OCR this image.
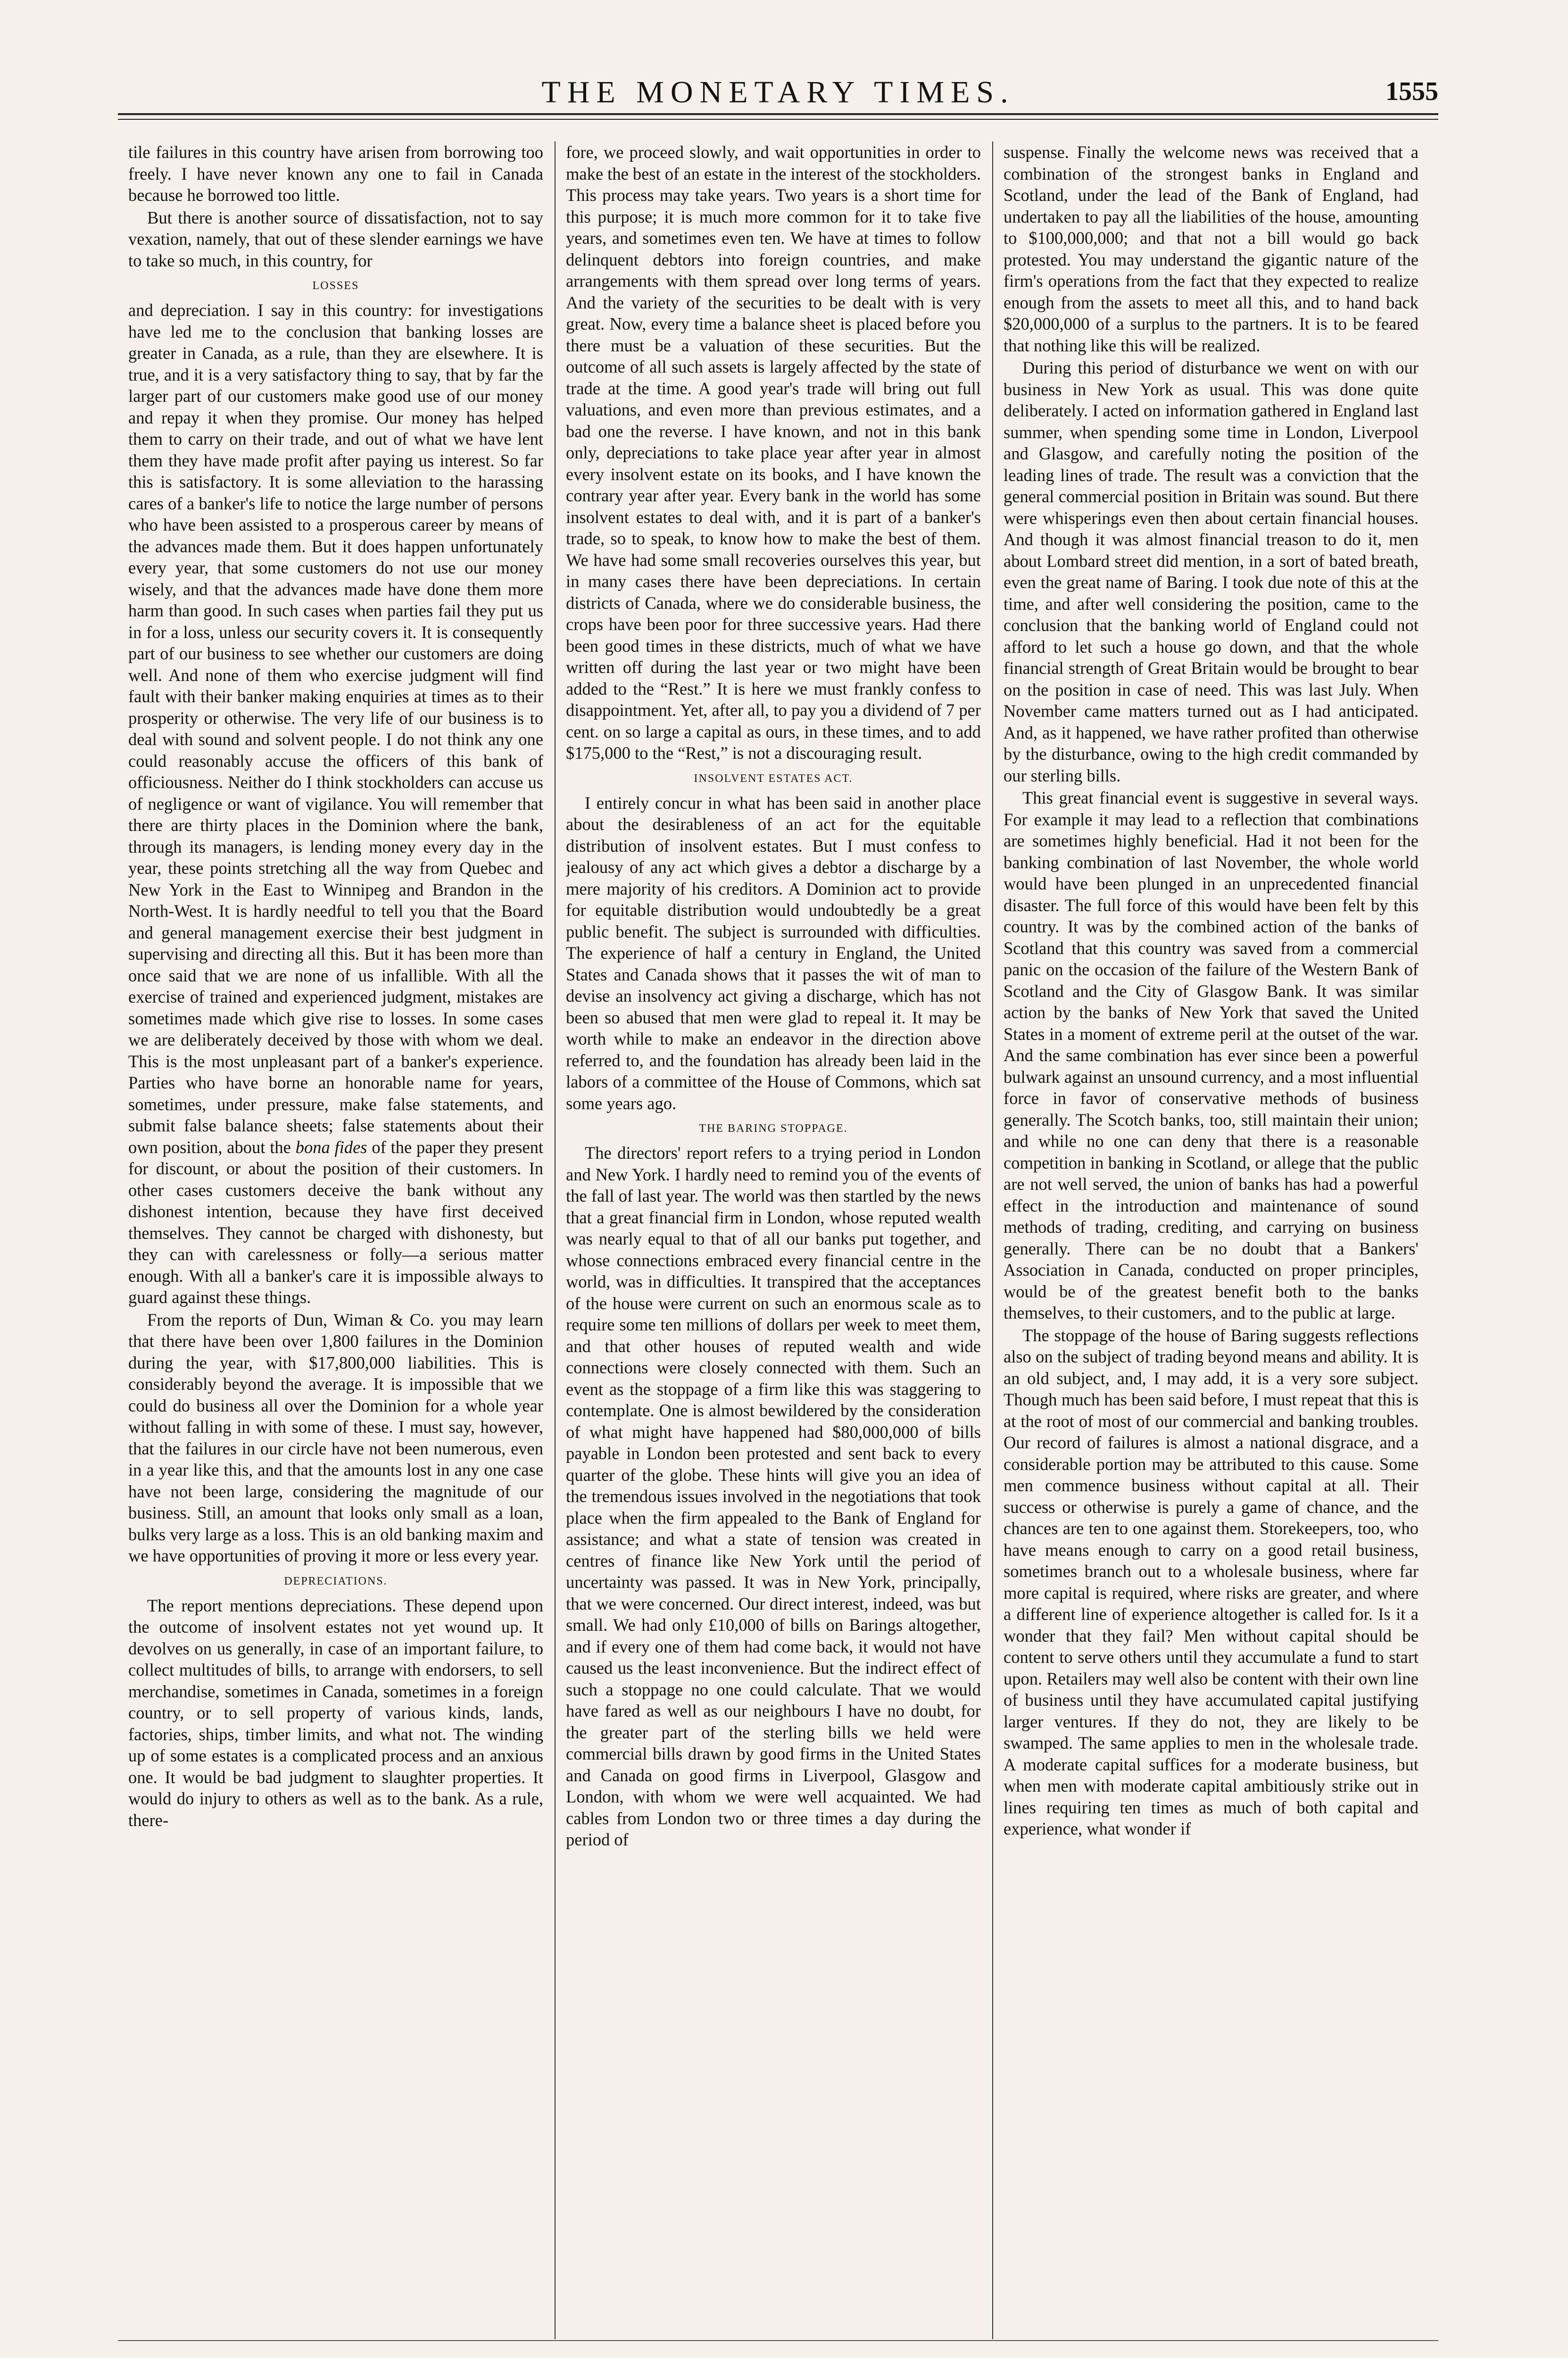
THE MONETARY TIMES.	1555

tile failures in this country have arisen from borrowing too freely. I have never known any one to fail in Canada because he borrowed too little.

But there is another source of dissatisfaction, not to say vexation, namely, that out of these slender earnings we have to take so much, in this country, for

LOSSES

and depreciation. I say in this country: for investigations have led me to the conclusion that banking losses are greater in Canada, as a rule, than they are elsewhere. It is true, and it is a very satisfactory thing to say, that by far the larger part of our customers make good use of our money and repay it when they promise. Our money has helped them to carry on their trade, and out of what we have lent them they have made profit after paying us interest. So far this is satisfactory. It is some alleviation to the harassing cares of a banker's life to notice the large number of persons who have been assisted to a prosperous career by means of the advances made them. But it does happen unfortunately every year, that some customers do not use our money wisely, and that the advances made have done them more harm than good. In such cases when parties fail they put us in for a loss, unless our security covers it. It is consequently part of our business to see whether our customers are doing well. And none of them who exercise judgment will find fault with their banker making enquiries at times as to their prosperity or otherwise. The very life of our business is to deal with sound and solvent people. I do not think any one could reasonably accuse the officers of this bank of officiousness. Neither do I think stockholders can accuse us of negligence or want of vigilance. You will remember that there are thirty places in the Dominion where the bank, through its managers, is lending money every day in the year, these points stretching all the way from Quebec and New York in the East to Winnipeg and Brandon in the North-West. It is hardly needful to tell you that the Board and general management exercise their best judgment in supervising and directing all this. But it has been more than once said that we are none of us infallible. With all the exercise of trained and experienced judgment, mistakes are sometimes made which give rise to losses. In some cases we are deliberately deceived by those with whom we deal. This is the most unpleasant part of a banker's experience. Parties who have borne an honorable name for years, sometimes, under pressure, make false statements, and submit false balance sheets; false statements about their own position, about the bona fides of the paper they present for discount, or about the position of their customers. In other cases customers deceive the bank without any dishonest intention, because they have first deceived themselves. They cannot be charged with dishonesty, but they can with carelessness or folly—a serious matter enough. With all a banker's care it is impossible always to guard against these things.

From the reports of Dun, Wiman & Co. you may learn that there have been over 1,800 failures in the Dominion during the year, with $17,800,000 liabilities. This is considerably beyond the average. It is impossible that we could do business all over the Dominion for a whole year without falling in with some of these. I must say, however, that the failures in our circle have not been numerous, even in a year like this, and that the amounts lost in any one case have not been large, considering the magnitude of our business. Still, an amount that looks only small as a loan, bulks very large as a loss. This is an old banking maxim and we have opportunities of proving it more or less every year.

DEPRECIATIONS.

The report mentions depreciations. These depend upon the outcome of insolvent estates not yet wound up. It devolves on us generally, in case of an important failure, to collect multitudes of bills, to arrange with endorsers, to sell merchandise, sometimes in Canada, sometimes in a foreign country, or to sell property of various kinds, lands, factories, ships, timber limits, and what not. The winding up of some estates is a complicated process and an anxious one. It would be bad judgment to slaughter properties. It would do injury to others as well as to the bank. As a rule, there-

fore, we proceed slowly, and wait opportunities in order to make the best of an estate in the interest of the stockholders. This process may take years. Two years is a short time for this purpose; it is much more common for it to take five years, and sometimes even ten. We have at times to follow delinquent debtors into foreign countries, and make arrangements with them spread over long terms of years. And the variety of the securities to be dealt with is very great. Now, every time a balance sheet is placed before you there must be a valuation of these securities. But the outcome of all such assets is largely affected by the state of trade at the time. A good year's trade will bring out full valuations, and even more than previous estimates, and a bad one the reverse. I have known, and not in this bank only, depreciations to take place year after year in almost every insolvent estate on its books, and I have known the contrary year after year. Every bank in the world has some insolvent estates to deal with, and it is part of a banker's trade, so to speak, to know how to make the best of them. We have had some small recoveries ourselves this year, but in many cases there have been depreciations. In certain districts of Canada, where we do considerable business, the crops have been poor for three successive years. Had there been good times in these districts, much of what we have written off during the last year or two might have been added to the “Rest.” It is here we must frankly confess to disappointment. Yet, after all, to pay you a dividend of 7 per cent. on so large a capital as ours, in these times, and to add $175,000 to the “Rest,” is not a discouraging result.

INSOLVENT ESTATES ACT.

I entirely concur in what has been said in another place about the desirableness of an act for the equitable distribution of insolvent estates. But I must confess to jealousy of any act which gives a debtor a discharge by a mere majority of his creditors. A Dominion act to provide for equitable distribution would undoubtedly be a great public benefit. The subject is surrounded with difficulties. The experience of half a century in England, the United States and Canada shows that it passes the wit of man to devise an insolvency act giving a discharge, which has not been so abused that men were glad to repeal it. It may be worth while to make an endeavor in the direction above referred to, and the foundation has already been laid in the labors of a committee of the House of Commons, which sat some years ago.

THE BARING STOPPAGE.

The directors' report refers to a trying period in London and New York. I hardly need to remind you of the events of the fall of last year. The world was then startled by the news that a great financial firm in London, whose reputed wealth was nearly equal to that of all our banks put together, and whose connections embraced every financial centre in the world, was in difficulties. It transpired that the acceptances of the house were current on such an enormous scale as to require some ten millions of dollars per week to meet them, and that other houses of reputed wealth and wide connections were closely connected with them. Such an event as the stoppage of a firm like this was staggering to contemplate. One is almost bewildered by the consideration of what might have happened had $80,000,000 of bills payable in London been protested and sent back to every quarter of the globe. These hints will give you an idea of the tremendous issues involved in the negotiations that took place when the firm appealed to the Bank of England for assistance; and what a state of tension was created in centres of finance like New York until the period of uncertainty was passed. It was in New York, principally, that we were concerned. Our direct interest, indeed, was but small. We had only £10,000 of bills on Barings altogether, and if every one of them had come back, it would not have caused us the least inconvenience. But the indirect effect of such a stoppage no one could calculate. That we would have fared as well as our neighbours I have no doubt, for the greater part of the sterling bills we held were commercial bills drawn by good firms in the United States and Canada on good firms in Liverpool, Glasgow and London, with whom we were well acquainted. We had cables from London two or three times a day during the period of

suspense. Finally the welcome news was received that a combination of the strongest banks in England and Scotland, under the lead of the Bank of England, had undertaken to pay all the liabilities of the house, amounting to $100,000,000; and that not a bill would go back protested. You may understand the gigantic nature of the firm's operations from the fact that they expected to realize enough from the assets to meet all this, and to hand back $20,000,000 of a surplus to the partners. It is to be feared that nothing like this will be realized.

During this period of disturbance we went on with our business in New York as usual. This was done quite deliberately. I acted on information gathered in England last summer, when spending some time in London, Liverpool and Glasgow, and carefully noting the position of the leading lines of trade. The result was a conviction that the general commercial position in Britain was sound. But there were whisperings even then about certain financial houses. And though it was almost financial treason to do it, men about Lombard street did mention, in a sort of bated breath, even the great name of Baring. I took due note of this at the time, and after well considering the position, came to the conclusion that the banking world of England could not afford to let such a house go down, and that the whole financial strength of Great Britain would be brought to bear on the position in case of need. This was last July. When November came matters turned out as I had anticipated. And, as it happened, we have rather profited than otherwise by the disturbance, owing to the high credit commanded by our sterling bills.

This great financial event is suggestive in several ways. For example it may lead to a reflection that combinations are sometimes highly beneficial. Had it not been for the banking combination of last November, the whole world would have been plunged in an unprecedented financial disaster. The full force of this would have been felt by this country. It was by the combined action of the banks of Scotland that this country was saved from a commercial panic on the occasion of the failure of the Western Bank of Scotland and the City of Glasgow Bank. It was similar action by the banks of New York that saved the United States in a moment of extreme peril at the outset of the war. And the same combination has ever since been a powerful bulwark against an unsound currency, and a most influential force in favor of conservative methods of business generally. The Scotch banks, too, still maintain their union; and while no one can deny that there is a reasonable competition in banking in Scotland, or allege that the public are not well served, the union of banks has had a powerful effect in the introduction and maintenance of sound methods of trading, crediting, and carrying on business generally. There can be no doubt that a Bankers' Association in Canada, conducted on proper principles, would be of the greatest benefit both to the banks themselves, to their customers, and to the public at large.

The stoppage of the house of Baring suggests reflections also on the subject of trading beyond means and ability. It is an old subject, and, I may add, it is a very sore subject. Though much has been said before, I must repeat that this is at the root of most of our commercial and banking troubles. Our record of failures is almost a national disgrace, and a considerable portion may be attributed to this cause. Some men commence business without capital at all. Their success or otherwise is purely a game of chance, and the chances are ten to one against them. Storekeepers, too, who have means enough to carry on a good retail business, sometimes branch out to a wholesale business, where far more capital is required, where risks are greater, and where a different line of experience altogether is called for. Is it a wonder that they fail? Men without capital should be content to serve others until they accumulate a fund to start upon. Retailers may well also be content with their own line of business until they have accumulated capital justifying larger ventures. If they do not, they are likely to be swamped. The same applies to men in the wholesale trade. A moderate capital suffices for a moderate business, but when men with moderate capital ambitiously strike out in lines requiring ten times as much of both capital and experience, what wonder if
